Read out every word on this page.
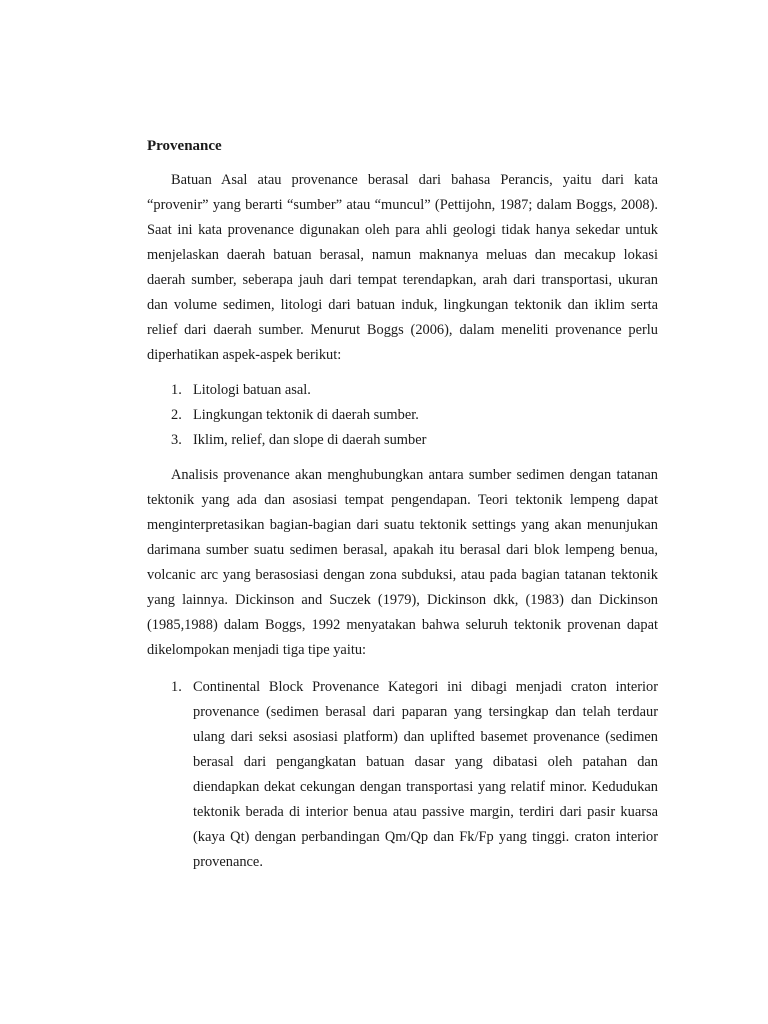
Provenance

Batuan Asal atau provenance berasal dari bahasa Perancis, yaitu dari kata “provenir” yang berarti “sumber” atau “muncul” (Pettijohn, 1987; dalam Boggs, 2008). Saat ini kata provenance digunakan oleh para ahli geologi tidak hanya sekedar untuk menjelaskan daerah batuan berasal, namun maknanya meluas dan mecakup lokasi daerah sumber, seberapa jauh dari tempat terendapkan, arah dari transportasi, ukuran dan volume sedimen, litologi dari batuan induk, lingkungan tektonik dan iklim serta relief dari daerah sumber. Menurut Boggs (2006), dalam meneliti provenance perlu diperhatikan aspek-aspek berikut:

1. Litologi batuan asal.
2. Lingkungan tektonik di daerah sumber.
3. Iklim, relief, dan slope di daerah sumber

Analisis provenance akan menghubungkan antara sumber sedimen dengan tatanan tektonik yang ada dan asosiasi tempat pengendapan. Teori tektonik lempeng dapat menginterpretasikan bagian-bagian dari suatu tektonik settings yang akan menunjukan darimana sumber suatu sedimen berasal, apakah itu berasal dari blok lempeng benua, volcanic arc yang berasosiasi dengan zona subduksi, atau pada bagian tatanan tektonik yang lainnya. Dickinson and Suczek (1979), Dickinson dkk, (1983) dan Dickinson (1985,1988) dalam Boggs, 1992 menyatakan bahwa seluruh tektonik provenan dapat dikelompokan menjadi tiga tipe yaitu:

1. Continental Block Provenance Kategori ini dibagi menjadi craton interior provenance (sedimen berasal dari paparan yang tersingkap dan telah terdaur ulang dari seksi asosiasi platform) dan uplifted basemet provenance (sedimen berasal dari pengangkatan batuan dasar yang dibatasi oleh patahan dan diendapkan dekat cekungan dengan transportasi yang relatif minor. Kedudukan tektonik berada di interior benua atau passive margin, terdiri dari pasir kuarsa (kaya Qt) dengan perbandingan Qm/Qp dan Fk/Fp yang tinggi. craton interior provenance.
